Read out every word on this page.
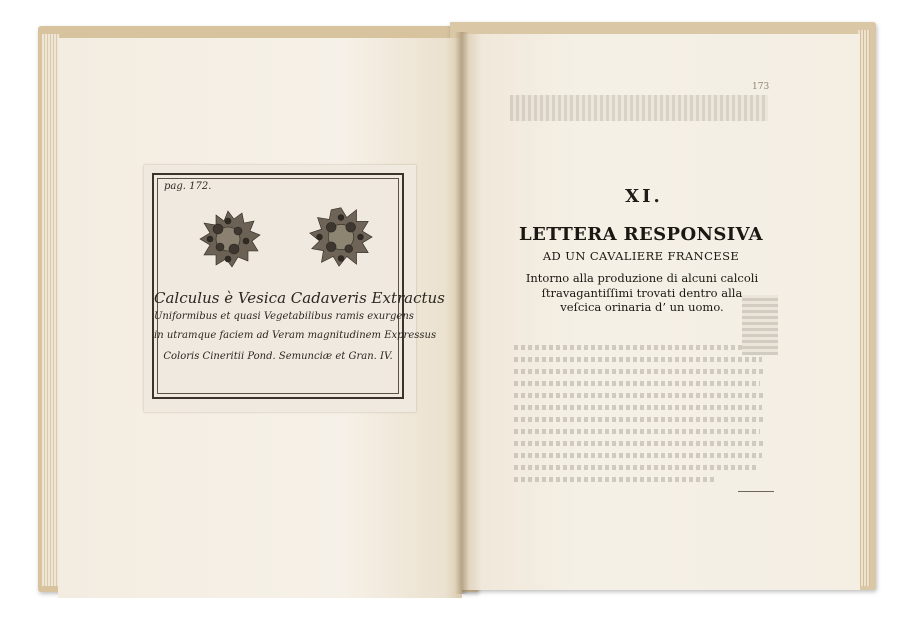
pag. 172.
Calculus è Vesica Cadaveris Extractus
Uniformibus et quasi Vegetabilibus ramis exurgens
in utramque faciem ad Veram magnitudinem Expressus
Coloris Cineritii Pond. Semunciæ et Gran. IV.
173
XI.
LETTERA RESPONSIVA
AD UN CAVALIERE FRANCESE
Intorno alla produzione di alcuni calcoli
ſtravagantiſſimi trovati dentro alla
veſcica orinaria d’ un uomo.
